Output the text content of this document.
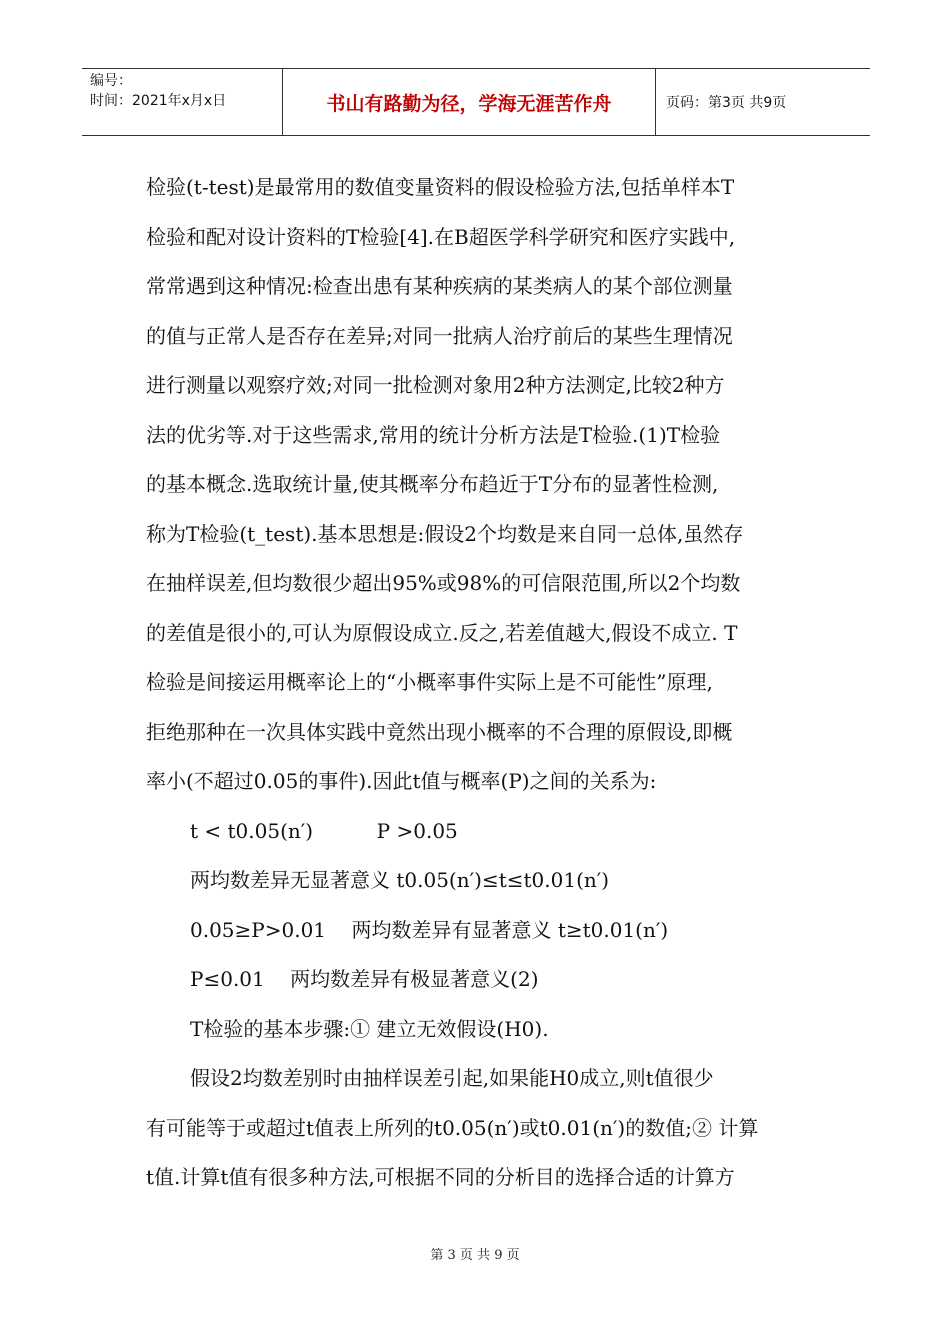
编号：
时间：2021年x月x日	书山有路勤为径，学海无涯苦作舟	页码：第3页 共9页
检验(t-test)是最常用的数值变量资料的假设检验方法,包括单样本T
检验和配对设计资料的T检验[4].在B超医学科学研究和医疗实践中,
常常遇到这种情况:检查出患有某种疾病的某类病人的某个部位测量
的值与正常人是否存在差异;对同一批病人治疗前后的某些生理情况
进行测量以观察疗效;对同一批检测对象用2种方法测定,比较2种方
法的优劣等.对于这些需求,常用的统计分析方法是T检验.(1)T检验
的基本概念.选取统计量,使其概率分布趋近于T分布的显著性检测,
称为T检验(t_test).基本思想是:假设2个均数是来自同一总体,虽然存
在抽样误差,但均数很少超出95%或98%的可信限范围,所以2个均数
的差值是很小的,可认为原假设成立.反之,若差值越大,假设不成立. T
检验是间接运用概率论上的“小概率事件实际上是不可能性”原理,
拒绝那种在一次具体实践中竟然出现小概率的不合理的原假设,即概
率小(不超过0.05的事件).因此t值与概率(P)之间的关系为:
t < t0.05(n′)          P >0.05
两均数差异无显著意义 t0.05(n′)≤t≤t0.01(n′)
0.05≥P>0.01    两均数差异有显著意义 t≥t0.01(n′)
P≤0.01    两均数差异有极显著意义(2)
T检验的基本步骤:① 建立无效假设(H0).
假设2均数差别时由抽样误差引起,如果能H0成立,则t值很少
有可能等于或超过t值表上所列的t0.05(n′)或t0.01(n′)的数值;② 计算
t值.计算t值有很多种方法,可根据不同的分析目的选择合适的计算方
第 3 页 共 9 页
